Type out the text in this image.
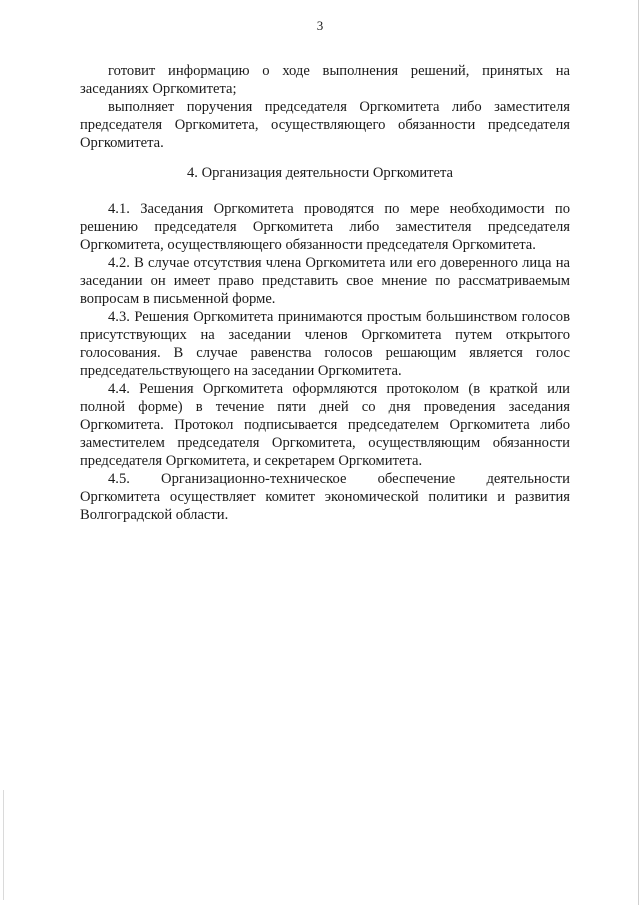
3

готовит информацию о ходе выполнения решений, принятых на заседаниях Оргкомитета;

выполняет поручения председателя Оргкомитета либо заместителя председателя Оргкомитета, осуществляющего обязанности председателя Оргкомитета.

4. Организация деятельности Оргкомитета

4.1. Заседания Оргкомитета проводятся по мере необходимости по решению председателя Оргкомитета либо заместителя председателя Оргкомитета, осуществляющего обязанности председателя Оргкомитета.

4.2. В случае отсутствия члена Оргкомитета или его доверенного лица на заседании он имеет право представить свое мнение по рассматриваемым вопросам в письменной форме.

4.3. Решения Оргкомитета принимаются простым большинством голосов присутствующих на заседании членов Оргкомитета путем открытого голосования. В случае равенства голосов решающим является голос председательствующего на заседании Оргкомитета.

4.4. Решения Оргкомитета оформляются протоколом (в краткой или полной форме) в течение пяти дней со дня проведения заседания Оргкомитета. Протокол подписывается председателем Оргкомитета либо заместителем председателя Оргкомитета, осуществляющим обязанности председателя Оргкомитета, и секретарем Оргкомитета.

4.5. Организационно-техническое обеспечение деятельности Оргкомитета осуществляет комитет экономической политики и развития Волгоградской области.
